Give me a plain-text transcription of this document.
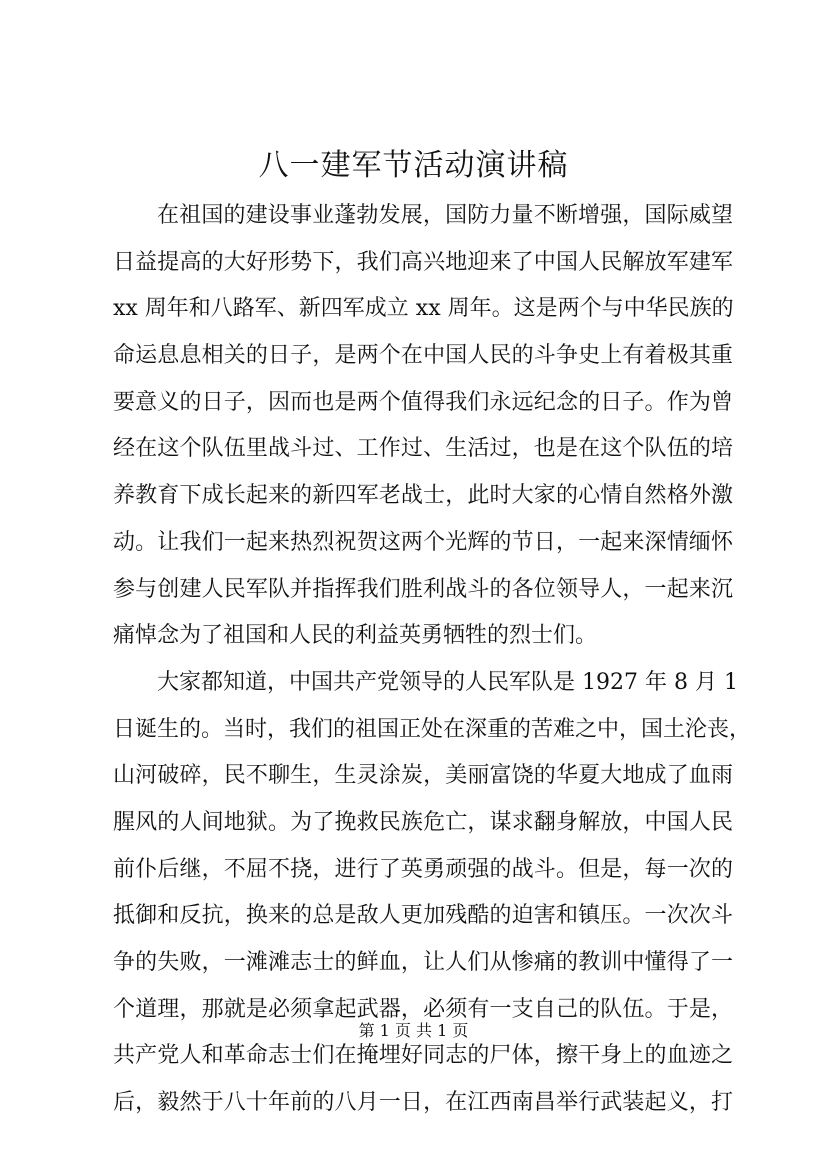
八一建军节活动演讲稿
在祖国的建设事业蓬勃发展，国防力量不断增强，国际威望
日益提高的大好形势下，我们高兴地迎来了中国人民解放军建军
xx 周年和八路军、新四军成立 xx 周年。这是两个与中华民族的
命运息息相关的日子，是两个在中国人民的斗争史上有着极其重
要意义的日子，因而也是两个值得我们永远纪念的日子。作为曾
经在这个队伍里战斗过、工作过、生活过，也是在这个队伍的培
养教育下成长起来的新四军老战士，此时大家的心情自然格外激
动。让我们一起来热烈祝贺这两个光辉的节日，一起来深情缅怀
参与创建人民军队并指挥我们胜利战斗的各位领导人，一起来沉
痛悼念为了祖国和人民的利益英勇牺牲的烈士们。
大家都知道，中国共产党领导的人民军队是 1927 年 8 月 1
日诞生的。当时，我们的祖国正处在深重的苦难之中，国土沦丧，
山河破碎，民不聊生，生灵涂炭，美丽富饶的华夏大地成了血雨
腥风的人间地狱。为了挽救民族危亡，谋求翻身解放，中国人民
前仆后继，不屈不挠，进行了英勇顽强的战斗。但是，每一次的
抵御和反抗，换来的总是敌人更加残酷的迫害和镇压。一次次斗
争的失败，一滩滩志士的鲜血，让人们从惨痛的教训中懂得了一
个道理，那就是必须拿起武器，必须有一支自己的队伍。于是，
共产党人和革命志士们在掩埋好同志的尸体，擦干身上的血迹之
后，毅然于八十年前的八月一日，在江西南昌举行武装起义，打
第 1 页 共 1 页
